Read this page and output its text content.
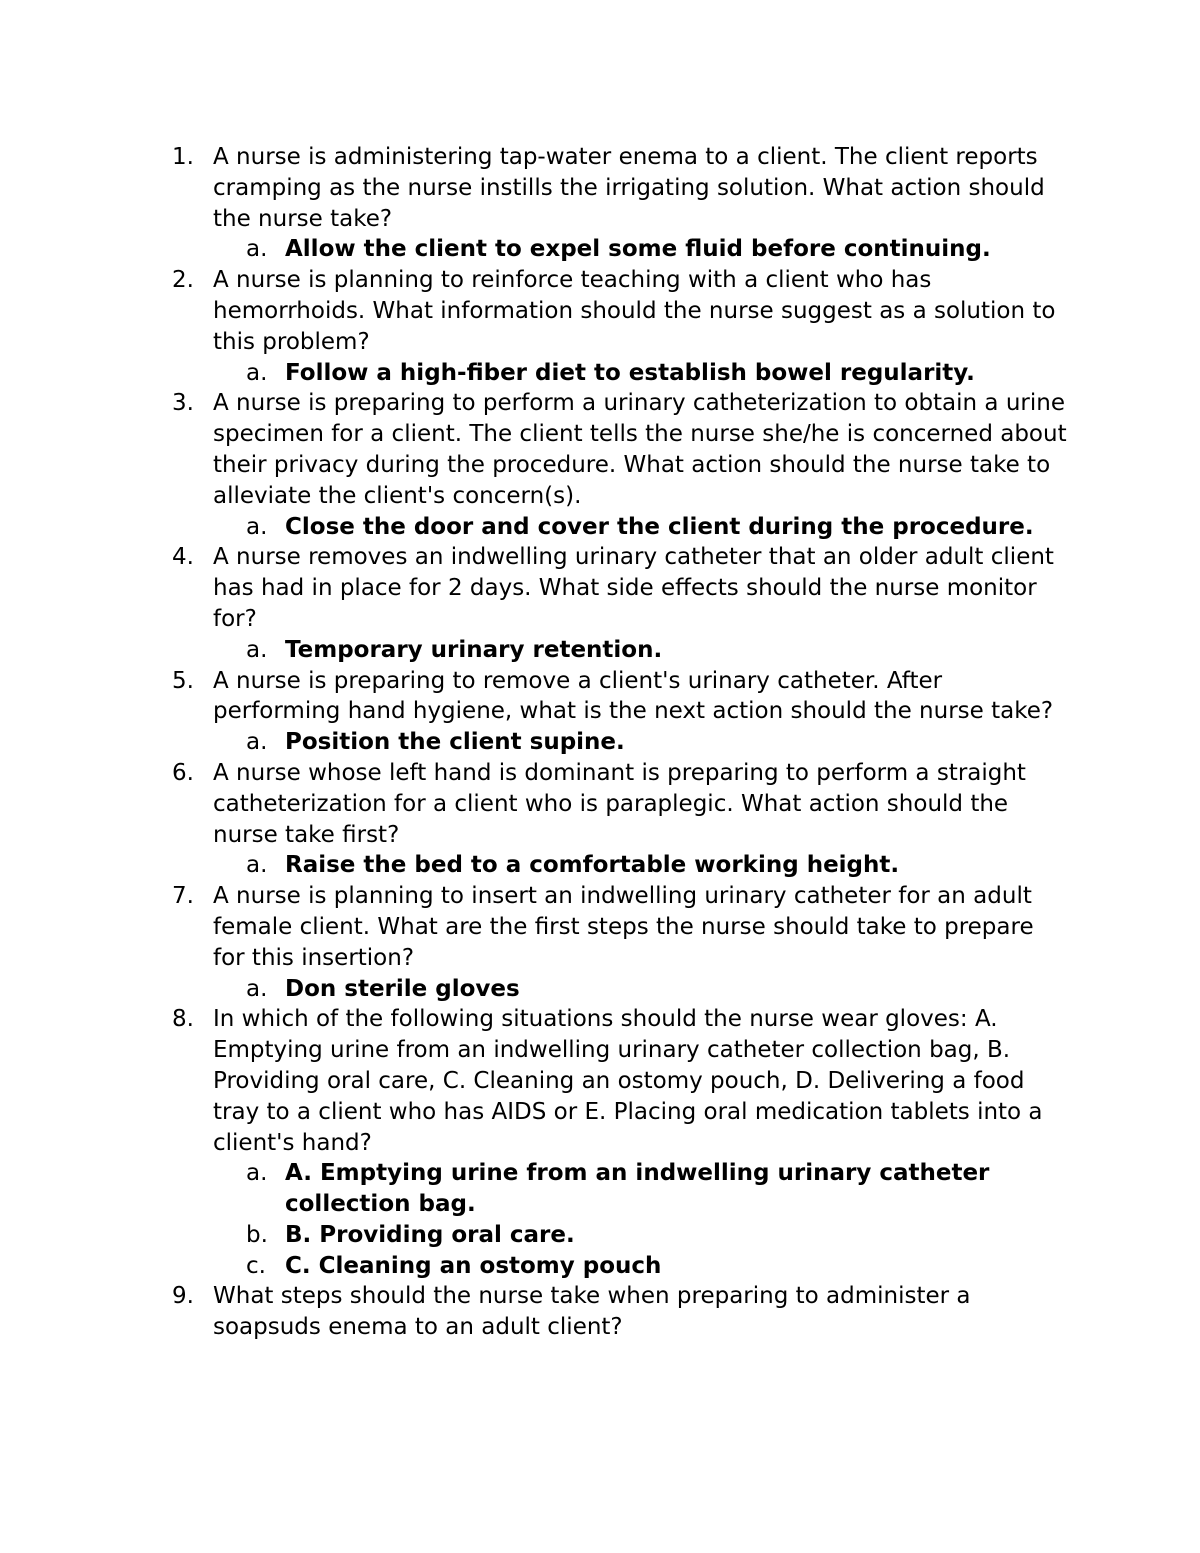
1. A nurse is administering tap-water enema to a client. The client reports cramping as the nurse instills the irrigating solution. What action should the nurse take?
a. Allow the client to expel some fluid before continuing.
2. A nurse is planning to reinforce teaching with a client who has hemorrhoids. What information should the nurse suggest as a solution to this problem?
a. Follow a high-fiber diet to establish bowel regularity.
3. A nurse is preparing to perform a urinary catheterization to obtain a urine specimen for a client. The client tells the nurse she/he is concerned about their privacy during the procedure. What action should the nurse take to alleviate the client's concern(s).
a. Close the door and cover the client during the procedure.
4. A nurse removes an indwelling urinary catheter that an older adult client has had in place for 2 days. What side effects should the nurse monitor for?
a. Temporary urinary retention.
5. A nurse is preparing to remove a client's urinary catheter. After performing hand hygiene, what is the next action should the nurse take?
a. Position the client supine.
6. A nurse whose left hand is dominant is preparing to perform a straight catheterization for a client who is paraplegic. What action should the nurse take first?
a. Raise the bed to a comfortable working height.
7. A nurse is planning to insert an indwelling urinary catheter for an adult female client. What are the first steps the nurse should take to prepare for this insertion?
a. Don sterile gloves
8. In which of the following situations should the nurse wear gloves: A. Emptying urine from an indwelling urinary catheter collection bag, B. Providing oral care, C. Cleaning an ostomy pouch, D. Delivering a food tray to a client who has AIDS or E. Placing oral medication tablets into a client's hand?
a. A. Emptying urine from an indwelling urinary catheter collection bag.
b. B. Providing oral care.
c. C. Cleaning an ostomy pouch
9. What steps should the nurse take when preparing to administer a soapsuds enema to an adult client?
